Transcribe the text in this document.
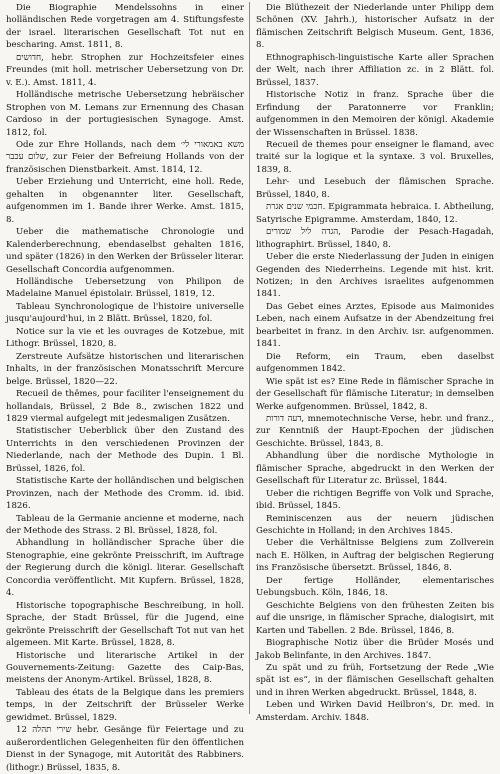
Die Biographie Mendelssohns in einer holländischen Rede vorgetragen am 4. Stiftungsfeste der israel. literarischen Gesellschaft Tot nut en bescharing. Amst. 1811, 8.

חדושים, hebr. Strophen zur Hochzeitsfeier eines Freundes (mit holl. metrischer Uebersetzung von Dr. v. E.). Amst. 1811, 4.

Holländische metrische Uebersetzung hebräischer Strophen von M. Lemans zur Ernennung des Chasan Cardoso in der portugiesischen Synagoge. Amst. 1812, fol.

Ode zur Ehre Hollands, nach dem משא באמאורי לי׳ שלום עכבר, zur Feier der Befreiung Hollands von der französischen Dienstbarkeit. Amst. 1814, 12.

Ueber Erziehung und Unterricht, eine holl. Rede, gehalten in obgenannter liter. Gesellschaft, aufgenommen im 1. Bande ihrer Werke. Amst. 1815, 8.

Ueber die mathematische Chronologie und Kalenderberechnung, ebendaselbst gehalten 1816, und später (1826) in den Werken der Brüsseler literar. Gesellschaft Concordia aufgenommen.

Holländische Uebersetzung von Philipon de Madelaine Manuel épistolair. Brüssel, 1819, 12.

Tableau Synchronologique de l'histoire universelle jusqu'aujourd'hui, in 2 Blätt. Brüssel, 1820, fol.

Notice sur la vie et les ouvrages de Kotzebue, mit Lithogr. Brüssel, 1820, 8.

Zerstreute Aufsätze historischen und literarischen Inhalts, in der französischen Monatsschrift Mercure belge. Brüssel, 1820—22.

Recueil de thêmes, pour faciliter l'enseignement du hollandais, Brüssel, 2 Bde 8., zwischen 1822 und 1829 viermal aufgelegt mit jedesmaligen Zusätzen.

Statistischer Ueberblick über den Zustand des Unterrichts in den verschiedenen Provinzen der Niederlande, nach der Methode des Dupin. 1 Bl. Brüssel, 1826, fol.

Statistische Karte der holländischen und belgischen Provinzen, nach der Methode des Cromm. id. ibid. 1826.

Tableau de la Germanie ancienne et moderne, nach der Methode des Strass. 2 Bl. Brüssel, 1828, fol.

Abhandlung in holländischer Sprache über die Stenographie, eine gekrönte Preisschrift, im Auftrage der Regierung durch die königl. literar. Gesellschaft Concordia veröffentlicht. Mit Kupfern. Brüssel, 1828, 4.

Historische topographische Beschreibung, in holl. Sprache, der Stadt Brüssel, für die Jugend, eine gekrönte Preisschrift der Gesellschaft Tot nut van het algemeen. Mit Karte. Brüssel, 1828, 8.

Historische und literarische Artikel in der Gouvernements-Zeitung: Gazette des Caip-Bas, meistens der Anonym-Artikel. Brüssel, 1828, 8.

Tableau des états de la Belgique dans les premiers temps, in der Zeitschrift der Brüsseler Werke gewidmet. Brüssel, 1829.

שירי תהלה 12 hebr. Gesänge für Feiertage und zu außerordentlichen Gelegenheiten für den öffentlichen Dienst in der Synagoge, mit Autorität des Rabbiners. (lithogr.) Brüssel, 1835, 8.

Die Blüthezeit der Niederlande unter Philipp dem Schönen (XV. Jahrh.), historischer Aufsatz in der flämischen Zeitschrift Belgisch Museum. Gent, 1836, 8.

Ethnographisch-linguistische Karte aller Sprachen der Welt, nach ihrer Affiliation zc. in 2 Blätt. fol. Brüssel, 1837.

Historische Notiz in franz. Sprache über die Erfindung der Paratonnerre vor Franklin; aufgenommen in den Memoiren der königl. Akademie der Wissenschaften in Brüssel. 1838.

Recueil de themes pour enseigner le flamand, avec traité sur la logique et la syntaxe. 3 vol. Bruxelles, 1839, 8.

Lehr- und Lesebuch der flämischen Sprache. Brüssel, 1840, 8.

חכמי שנים אגרת. Epigrammata hebraica. I. Abtheilung, Satyrische Epigramme. Amsterdam, 1840, 12.

הגדה ליל שמורים, Parodie der Pesach-Hagadah, lithographirt. Brüssel, 1840, 8.

Ueber die erste Niederlassung der Juden in einigen Gegenden des Niederrheins. Legende mit hist. krit. Notizen; in den Archives israelites aufgenommen 1841.

Das Gebet eines Arztes, Episode aus Maimonides Leben, nach einem Aufsatze in der Abendzeitung frei bearbeitet in franz. in den Archiv. isr. aufgenommen. 1841.

Die Reform, ein Traum, eben daselbst aufgenommen 1842.

Wie spät ist es? Eine Rede in flämischer Sprache in der Gesellschaft für flämische Literatur; in demselben Werke aufgenommen. Brüssel, 1842, 8.

דעה דורות, mnemotechnische Verse, hebr. und franz., zur Kenntniß der Haupt-Epochen der jüdischen Geschichte. Brüssel, 1843, 8.

Abhandlung über die nordische Mythologie in flämischer Sprache, abgedruckt in den Werken der Gesellschaft für Literatur zc. Brüssel, 1844.

Ueber die richtigen Begriffe von Volk und Sprache, ibid. Brüssel, 1845.

Reminiscenzen aus der neuern jüdischen Geschichte in Holland; in den Archives 1845.

Ueber die Verhältnisse Belgiens zum Zollverein nach E. Hölken, in Auftrag der belgischen Regierung ins Französische übersetzt. Brüssel, 1846, 8.

Der fertige Holländer, elementarisches Uebungsbuch. Köln, 1846, 18.

Geschichte Belgiens von den frühesten Zeiten bis auf die unsrige, in flämischer Sprache, dialogisirt, mit Karten und Tabellen. 2 Bde. Brüssel, 1846, 8.

Biographische Notiz über die Brüder Mosés und Jakob Belinfante, in den Archives. 1847.

Zu spät und zu früh, Fortsetzung der Rede „Wie spät ist es“, in der flämischen Gesellschaft gehalten und in ihren Werken abgedruckt. Brüssel, 1848, 8.

Leben und Wirken David Heilbron's, Dr. med. in Amsterdam. Archiv. 1848.
